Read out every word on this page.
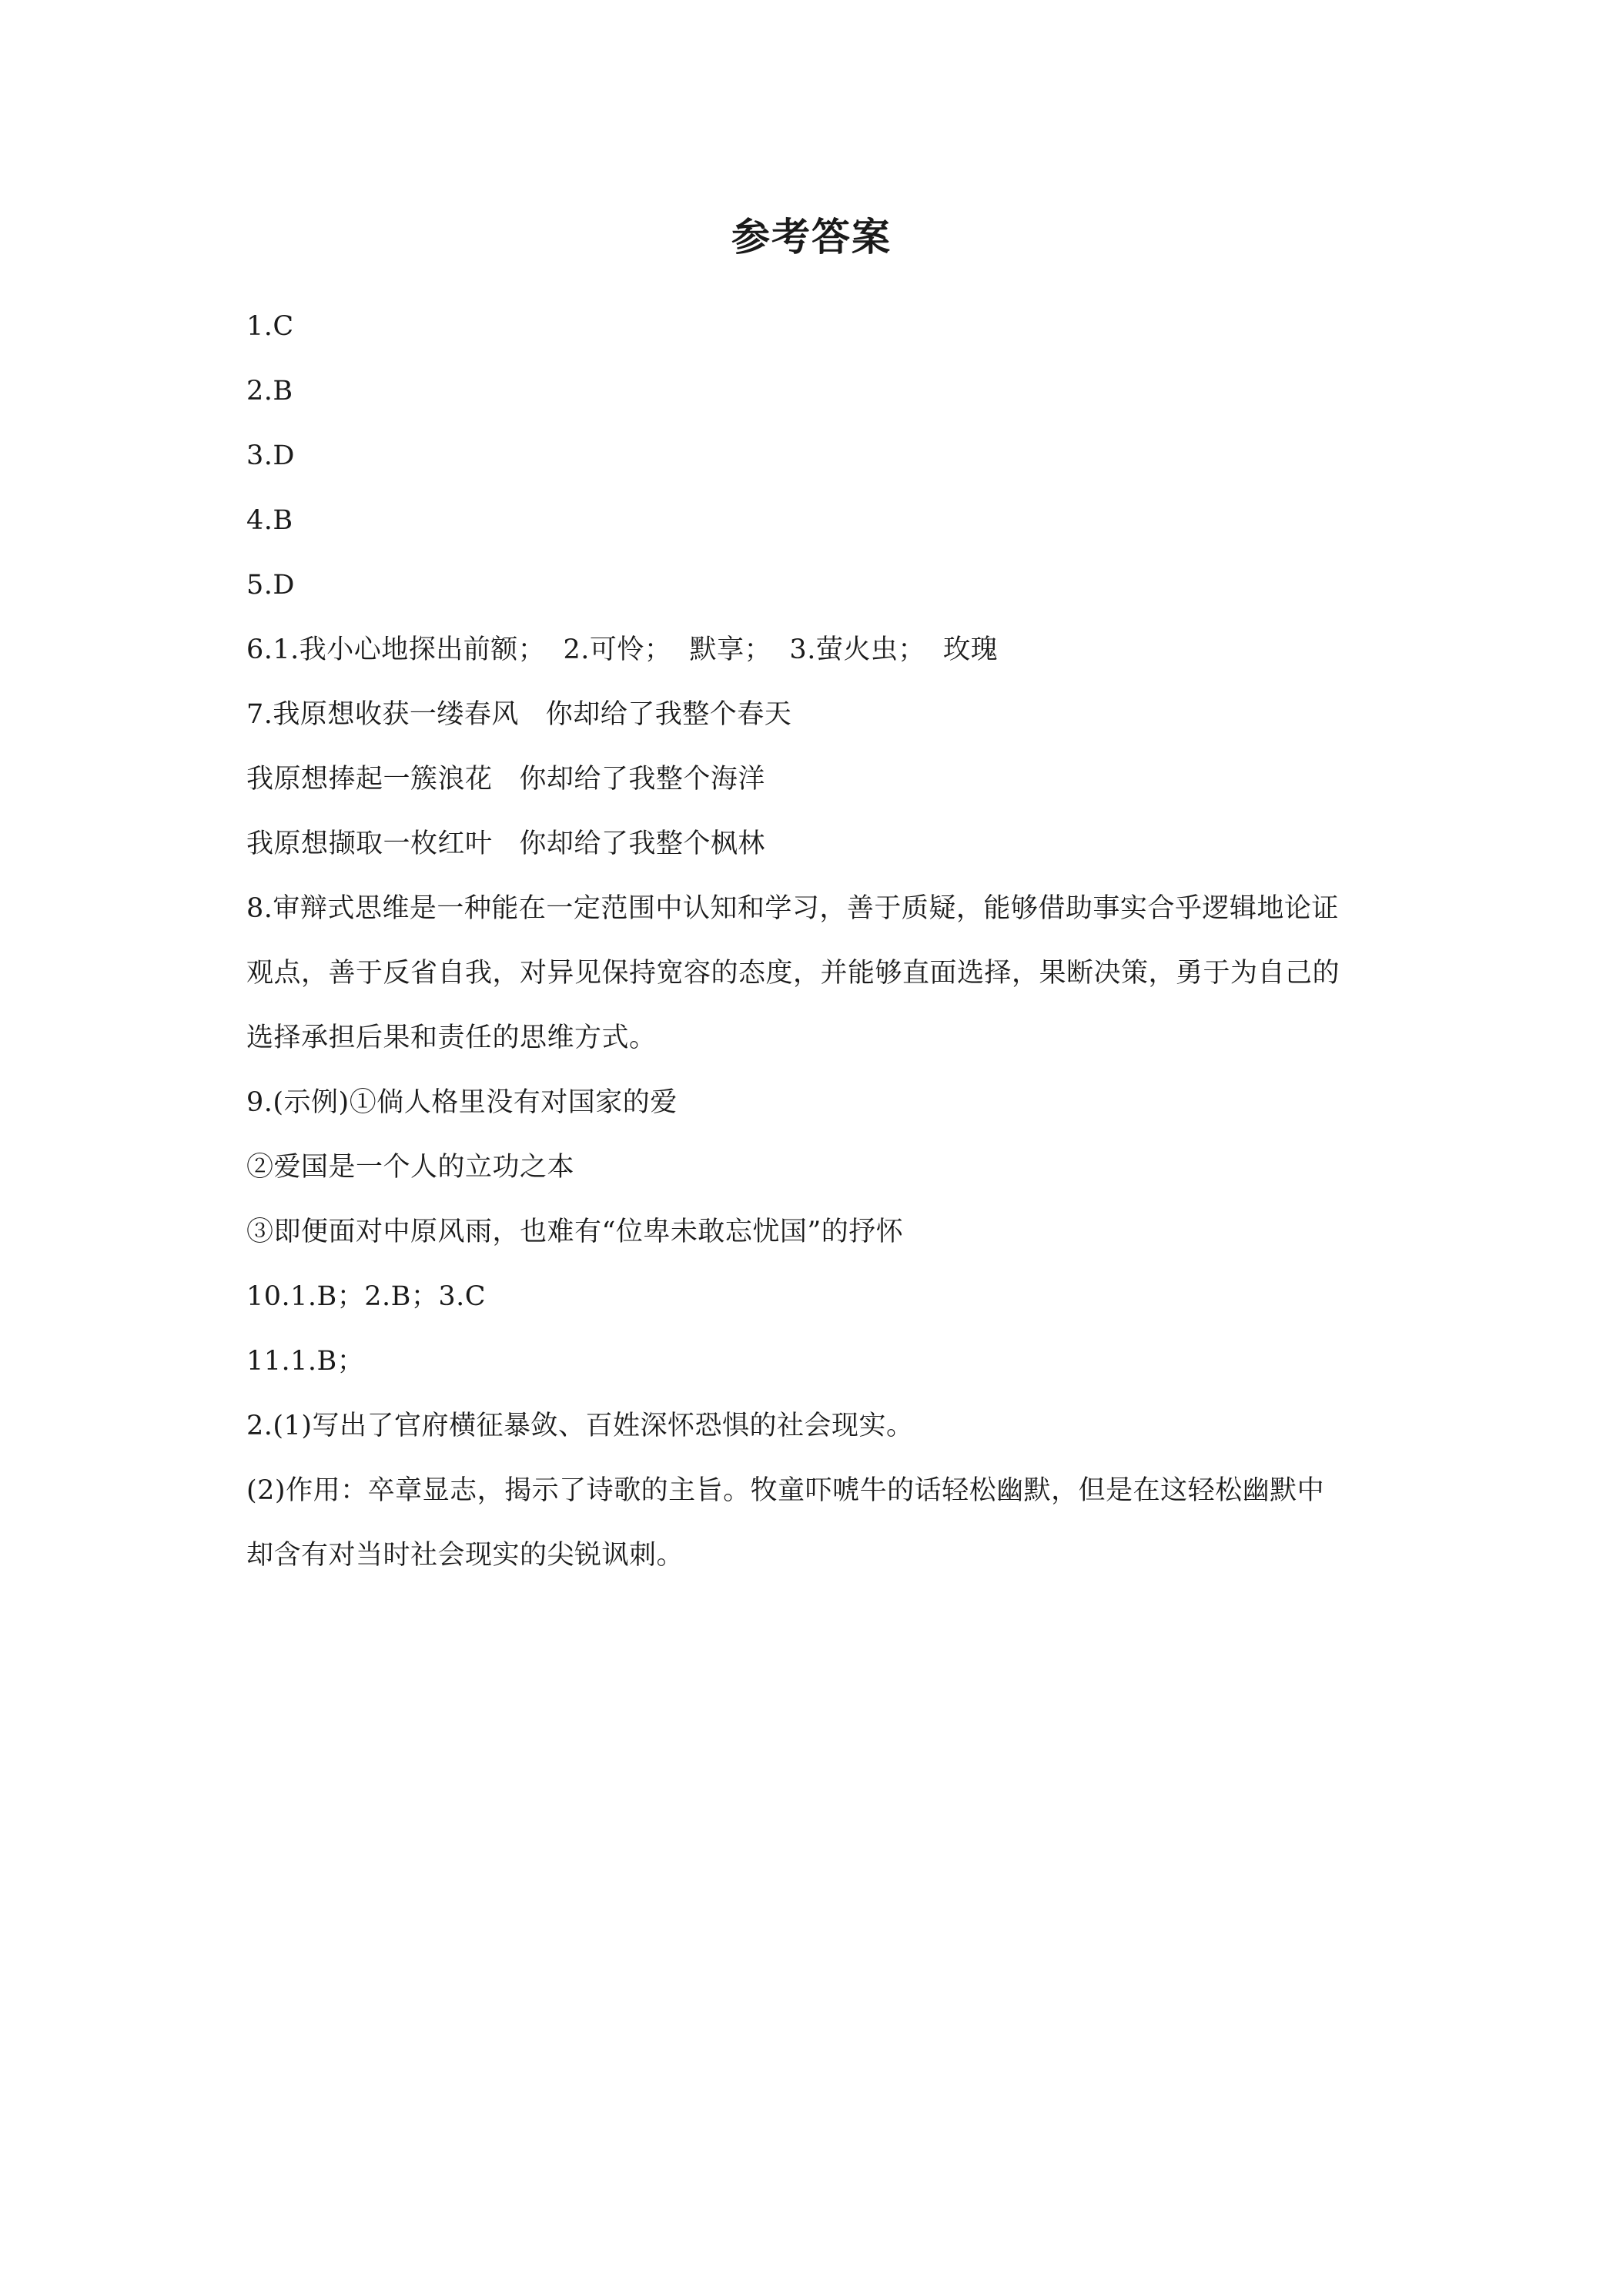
参考答案
1.C
2.B
3.D
4.B
5.D
6.1.我小心地探出前额；  2.可怜；  默享；  3.萤火虫；  玫瑰
7.我原想收获一缕春风   你却给了我整个春天
我原想捧起一簇浪花   你却给了我整个海洋
我原想撷取一枚红叶   你却给了我整个枫林
8.审辩式思维是一种能在一定范围中认知和学习，善于质疑，能够借助事实合乎逻辑地论证
观点，善于反省自我，对异见保持宽容的态度，并能够直面选择，果断决策，勇于为自己的
选择承担后果和责任的思维方式。
9.(示例)①倘人格里没有对国家的爱
②爱国是一个人的立功之本
③即便面对中原风雨，也难有“位卑未敢忘忧国”的抒怀
10.1.B；2.B；3.C
11.1.B；
2.(1)写出了官府横征暴敛、百姓深怀恐惧的社会现实。
(2)作用：卒章显志，揭示了诗歌的主旨。牧童吓唬牛的话轻松幽默，但是在这轻松幽默中
却含有对当时社会现实的尖锐讽刺。
